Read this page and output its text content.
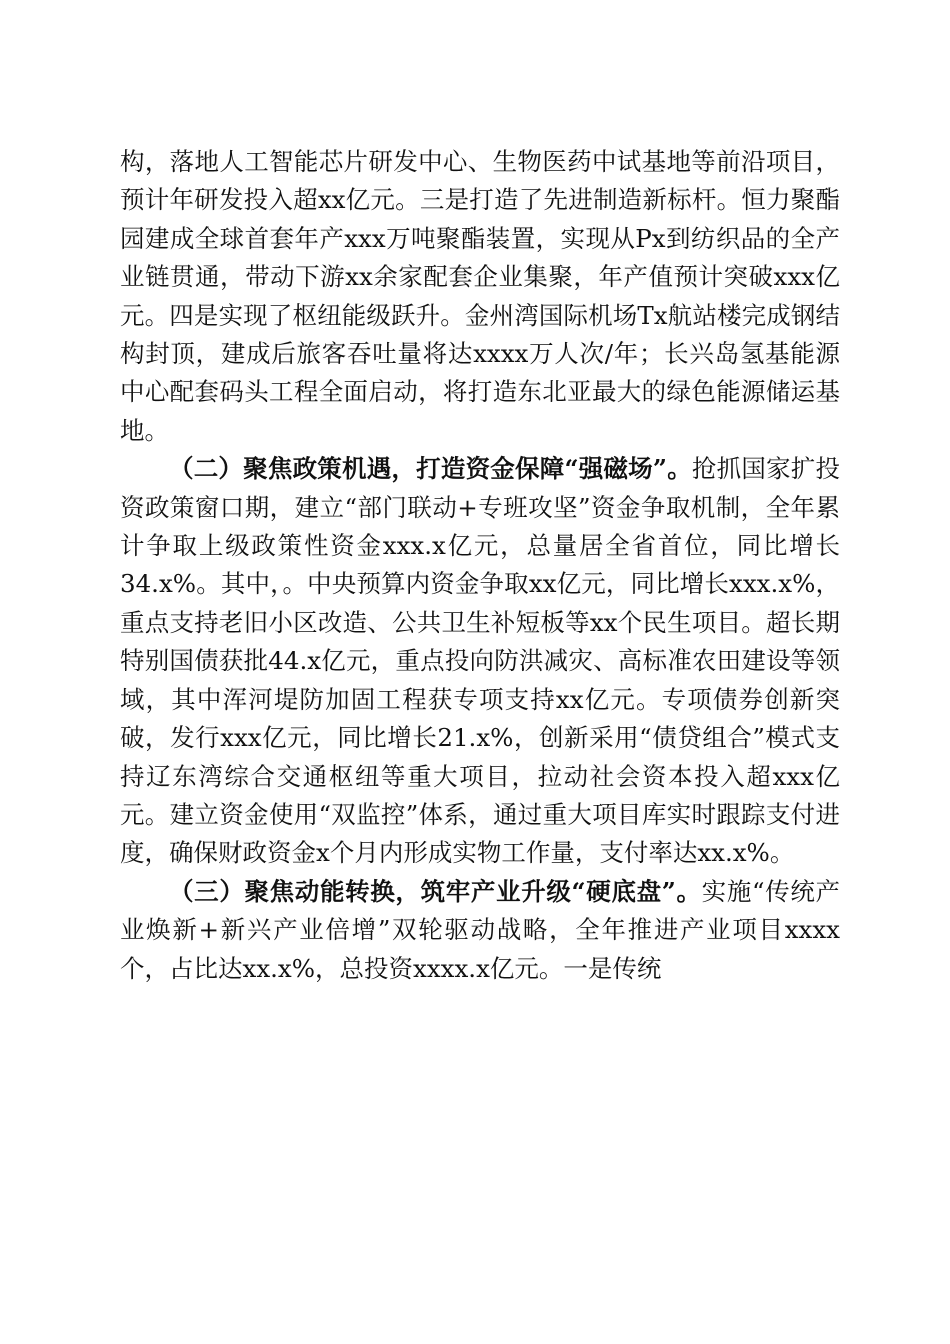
构，落地人工智能芯片研发中心、生物医药中试基地等前沿项目，预计年研发投入超xx亿元。三是打造了先进制造新标杆。恒力聚酯园建成全球首套年产xxx万吨聚酯装置，实现从Px到纺织品的全产业链贯通，带动下游xx余家配套企业集聚，年产值预计突破xxx亿元。四是实现了枢纽能级跃升。金州湾国际机场Tx航站楼完成钢结构封顶，建成后旅客吞吐量将达xxxx万人次/年；长兴岛氢基能源中心配套码头工程全面启动，将打造东北亚最大的绿色能源储运基地。

（二）聚焦政策机遇，打造资金保障“强磁场”。抢抓国家扩投资政策窗口期，建立“部门联动+专班攻坚”资金争取机制，全年累计争取上级政策性资金xxx.x亿元，总量居全省首位，同比增长34.x%。其中，。中央预算内资金争取xx亿元，同比增长xxx.x%，重点支持老旧小区改造、公共卫生补短板等xx个民生项目。超长期特别国债获批44.x亿元，重点投向防洪减灾、高标准农田建设等领域，其中浑河堤防加固工程获专项支持xx亿元。专项债券创新突破，发行xxx亿元，同比增长21.x%，创新采用“债贷组合”模式支持辽东湾综合交通枢纽等重大项目，拉动社会资本投入超xxx亿元。建立资金使用“双监控”体系，通过重大项目库实时跟踪支付进度，确保财政资金x个月内形成实物工作量，支付率达xx.x%。

（三）聚焦动能转换，筑牢产业升级“硬底盘”。实施“传统产业焕新+新兴产业倍增”双轮驱动战略，全年推进产业项目xxxx个，占比达xx.x%，总投资xxxx.x亿元。一是传统
